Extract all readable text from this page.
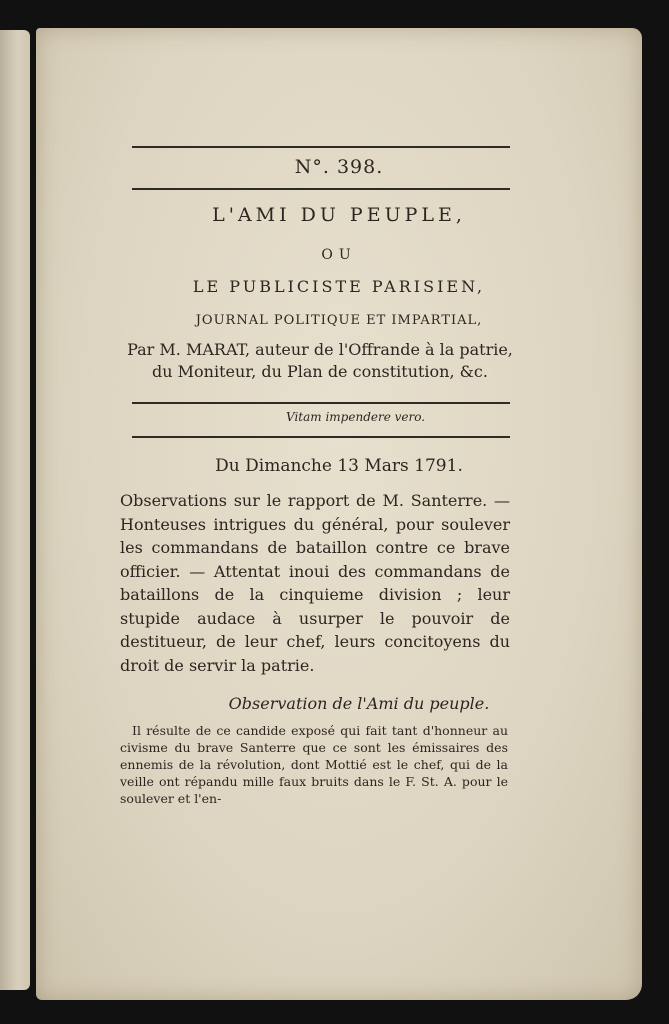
N°. 398.
L'AMI DU PEUPLE,
OU
LE PUBLICISTE PARISIEN,
JOURNAL POLITIQUE ET IMPARTIAL,
Par M. MARAT, auteur de l'Offrande à la patrie, du Moniteur, du Plan de constitution, &c.
Vitam impendere vero.
Du Dimanche 13 Mars 1791.
Observations sur le rapport de M. Santerre. — Honteuses intrigues du général, pour soulever les commandans de bataillon contre ce brave officier. — Attentat inoui des commandans de bataillons de la cinquieme division ; leur stupide audace à usurper le pouvoir de destitueur, de leur chef, leurs concitoyens du droit de servir la patrie.
Observation de l'Ami du peuple.
Il résulte de ce candide exposé qui fait tant d'honneur au civisme du brave Santerre que ce sont les émissaires des ennemis de la révolution, dont Mottié est le chef, qui de la veille ont répandu mille faux bruits dans le F. St. A. pour le soulever et l'en-
